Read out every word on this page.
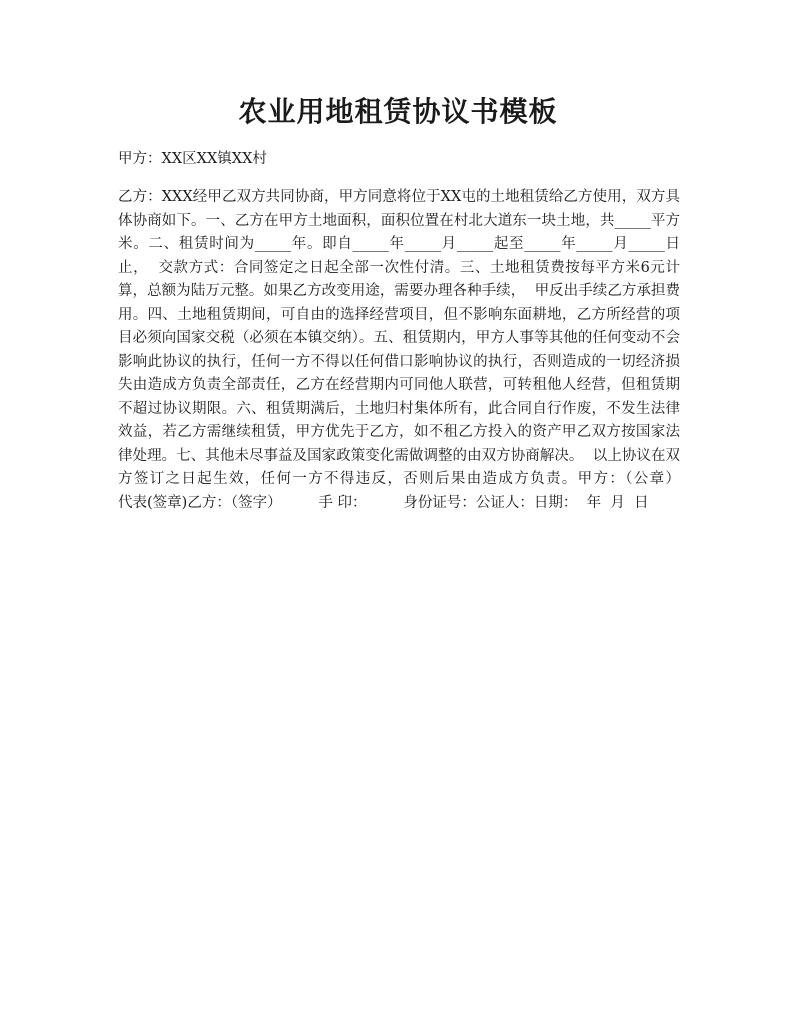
农业用地租赁协议书模板

甲方：XX区XX镇XX村

乙方：XXX经甲乙双方共同协商，甲方同意将位于XX屯的土地租赁给乙方使用，双方具体协商如下。一、乙方在甲方土地面积，面积位置在村北大道东一块土地，共_____平方米。二、租赁时间为_____年。即自_____年_____月_____起至_____年_____月_____日止，  交款方式：合同签定之日起全部一次性付清。三、土地租赁费按每平方米6元计算，总额为陆万元整。如果乙方改变用途，需要办理各种手续，  甲反出手续乙方承担费用。四、土地租赁期间，可自由的选择经营项目，但不影响东面耕地，乙方所经营的项目必须向国家交税（必须在本镇交纳）。五、租赁期内，甲方人事等其他的任何变动不会影响此协议的执行，任何一方不得以任何借口影响协议的执行，否则造成的一切经济损失由造成方负责全部责任，乙方在经营期内可同他人联营，可转租他人经营，但租赁期不超过协议期限。六、租赁期满后，土地归村集体所有，此合同自行作废，不发生法律效益，若乙方需继续租赁，甲方优先于乙方，如不租乙方投入的资产甲乙双方按国家法律处理。七、其他未尽事益及国家政策变化需做调整的由双方协商解决。  以上协议在双方签订之日起生效，任何一方不得违反，否则后果由造成方负责。甲方：（公章）        代表(签章)乙方：（签字）        手 印：        身份证号：公证人：日期：  年  月  日
